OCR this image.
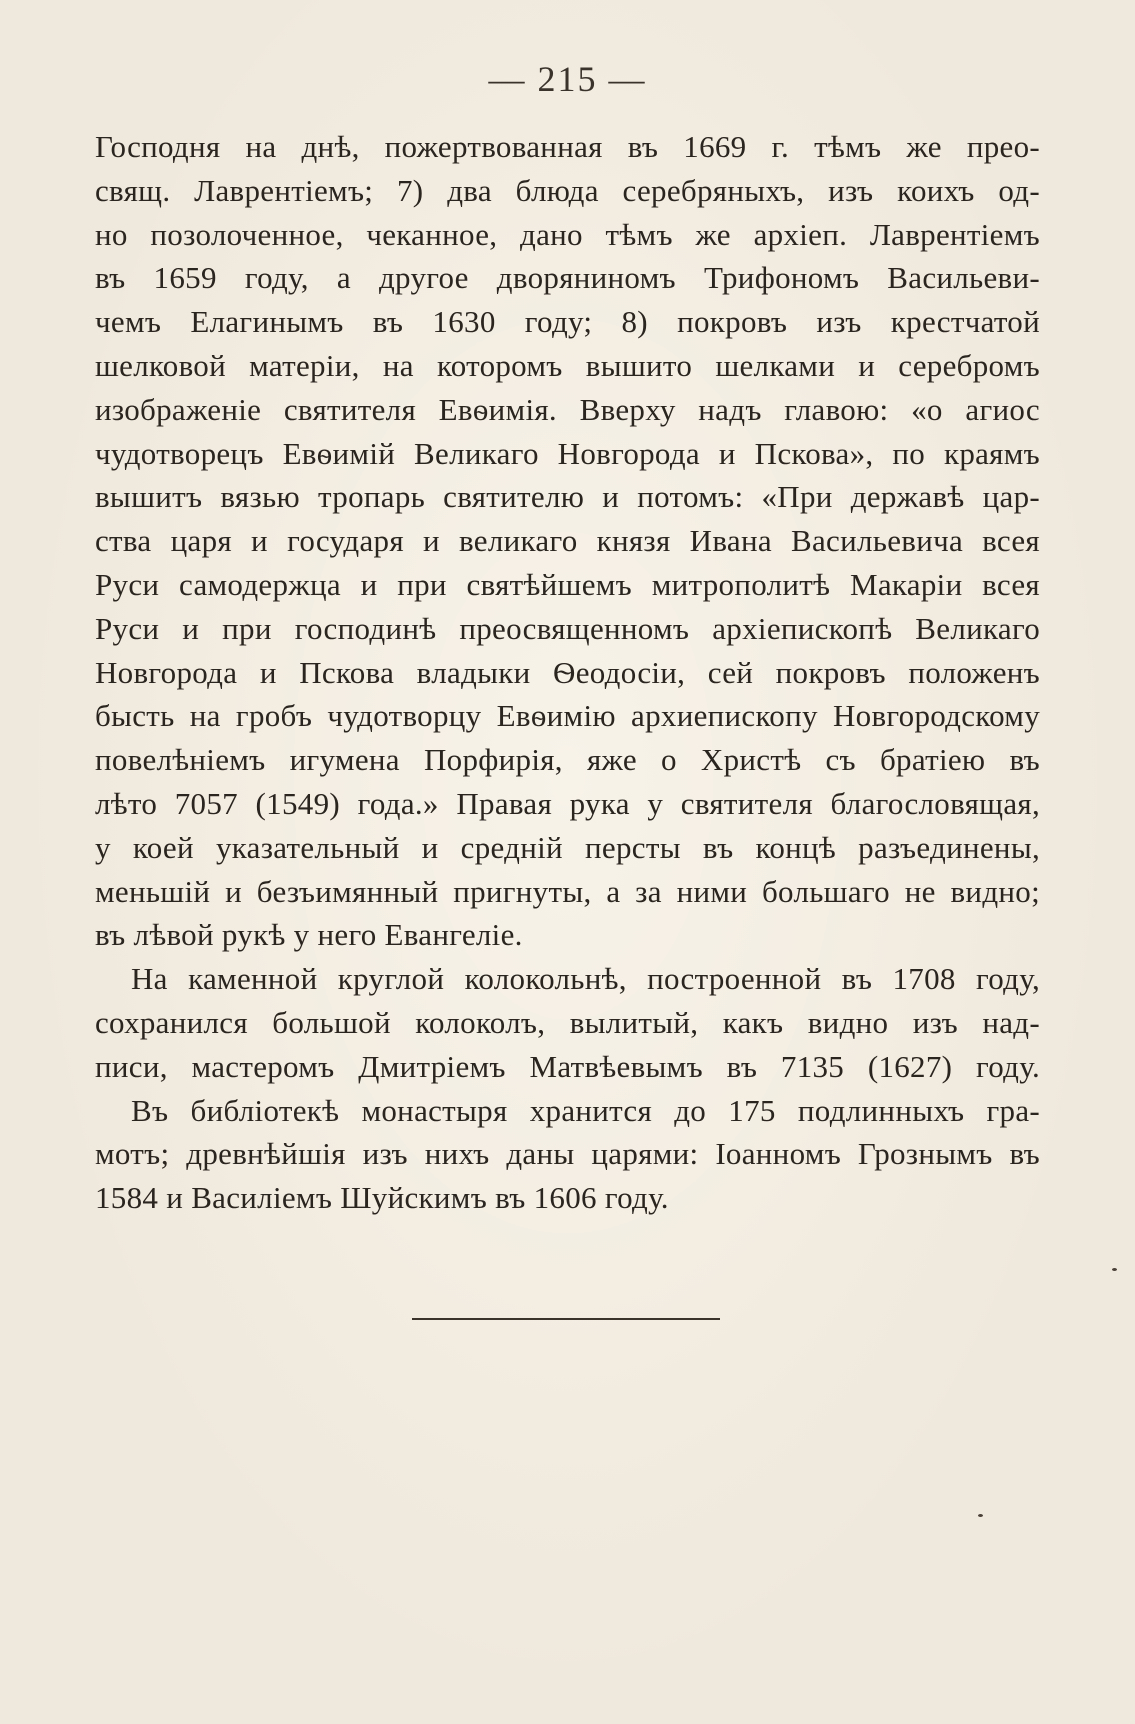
— 215 —
Господня на днѣ, пожертвованная въ 1669 г. тѣмъ же прео-
свящ. Лаврентіемъ; 7) два блюда серебряныхъ, изъ коихъ од-
но позолоченное, чеканное, дано тѣмъ же архіеп. Лаврентіемъ
въ 1659 году, а другое дворяниномъ Трифономъ Васильеви-
чемъ Елагинымъ въ 1630 году; 8) покровъ изъ крестчатой
шелковой матеріи, на которомъ вышито шелками и серебромъ
изображеніе святителя Евѳимія. Вверху надъ главою: «о агиос
чудотворецъ Евѳимій Великаго Новгорода и Пскова», по краямъ
вышитъ вязью тропарь святителю и потомъ: «При державѣ цар-
ства царя и государя и великаго князя Ивана Васильевича всея
Руси самодержца и при святѣйшемъ митрополитѣ Макаріи всея
Руси и при господинѣ преосвященномъ архіепископѣ Великаго
Новгорода и Пскова владыки Ѳеодосіи, сей покровъ положенъ
бысть на гробъ чудотворцу Евѳимію архиепископу Новгородскому
повелѣніемъ игумена Порфирія, яже о Христѣ съ братіею въ
лѣто 7057 (1549) года.» Правая рука у святителя благословящая,
у коей указательный и средній персты въ концѣ разъединены,
меньшій и безъимянный пригнуты, а за ними большаго не видно;
въ лѣвой рукѣ у него Евангеліе.
На каменной круглой колокольнѣ, построенной въ 1708 году,
сохранился большой колоколъ, вылитый, какъ видно изъ над-
писи, мастеромъ Дмитріемъ Матвѣевымъ въ 7135 (1627) году.
Въ библіотекѣ монастыря хранится до 175 подлинныхъ гра-
мотъ; древнѣйшія изъ нихъ даны царями: Іоанномъ Грознымъ въ
1584 и Василіемъ Шуйскимъ въ 1606 году.
